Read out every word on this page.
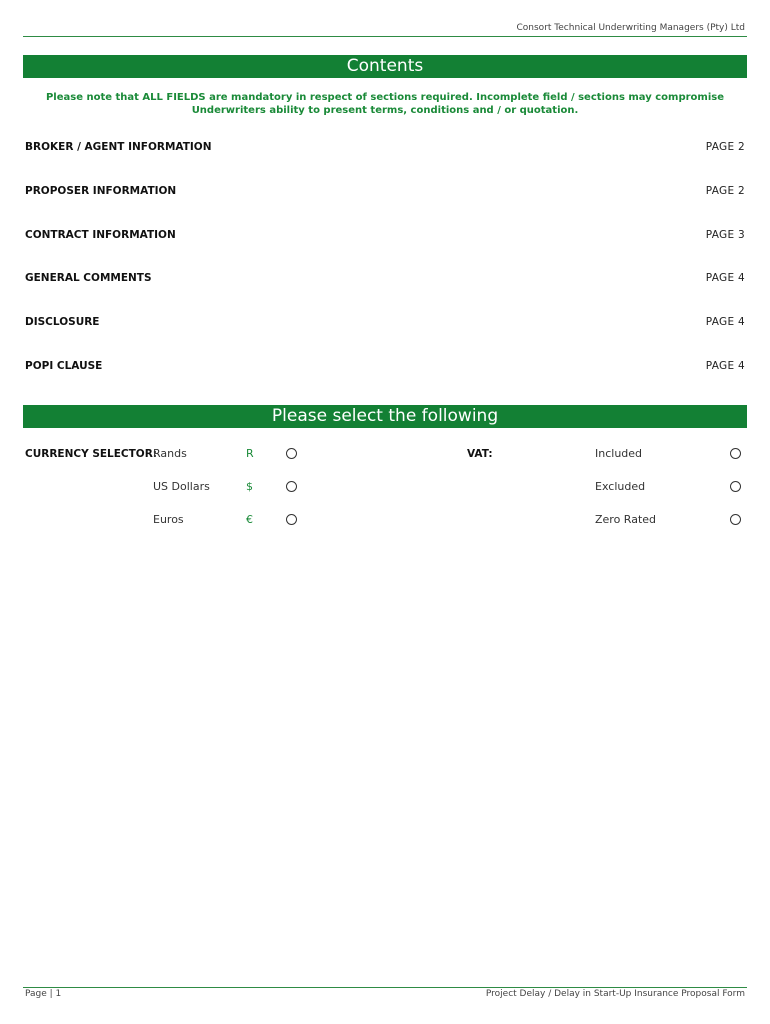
Consort Technical Underwriting Managers (Pty) Ltd
Contents
Please note that ALL FIELDS are mandatory in respect of sections required. Incomplete field / sections may compromise Underwriters ability to present terms, conditions and / or quotation.
BROKER / AGENT INFORMATION	PAGE 2
PROPOSER INFORMATION	PAGE 2
CONTRACT INFORMATION	PAGE 3
GENERAL COMMENTS	PAGE 4
DISCLOSURE	PAGE 4
POPI CLAUSE	PAGE 4
Please select the following
CURRENCY SELECTOR:
Rands	R
US Dollars	$
Euros	€
VAT:	Included
Excluded
Zero Rated
Page | 1	Project Delay / Delay in Start-Up Insurance Proposal Form
